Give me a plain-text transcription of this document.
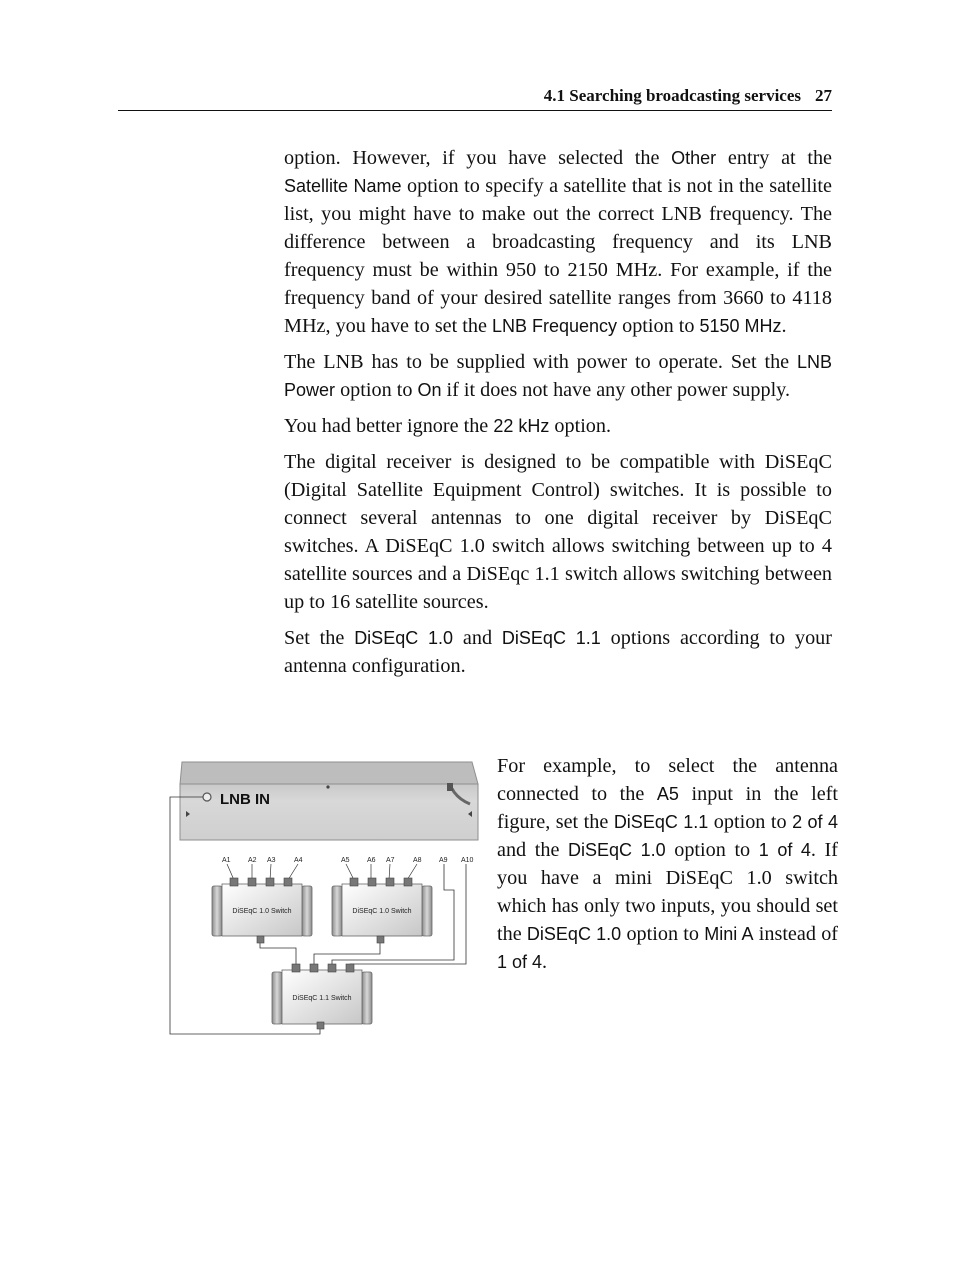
4.1 Searching broadcasting services 27

option. However, if you have selected the Other entry at the Satellite Name option to specify a satellite that is not in the satellite list, you might have to make out the correct LNB frequency. The difference between a broadcasting frequency and its LNB frequency must be within 950 to 2150 MHz. For example, if the frequency band of your desired satellite ranges from 3660 to 4118 MHz, you have to set the LNB Frequency option to 5150 MHz.

The LNB has to be supplied with power to operate. Set the LNB Power option to On if it does not have any other power supply.

You had better ignore the 22 kHz option.

The digital receiver is designed to be compatible with DiSEqC (Digital Satellite Equipment Control) switches. It is possible to connect several antennas to one digital receiver by DiSEqC switches. A DiSEqC 1.0 switch allows switching between up to 4 satellite sources and a DiSEqc 1.1 switch allows switching between up to 16 satellite sources.

Set the DiSEqC 1.0 and DiSEqC 1.1 options according to your antenna configuration.

For example, to select the antenna connected to the A5 input in the left figure, set the DiSEqC 1.1 option to 2 of 4 and the DiSEqC 1.0 option to 1 of 4. If you have a mini DiSEqC 1.0 switch which has only two inputs, you should set the DiSEqC 1.0 option to Mini A instead of 1 of 4.

LNB IN
A1 A2 A3	A4	A5 A6 A7	A8 A9 A10
DiSEqC 1.0 Switch	DiSEqC 1.0 Switch
DiSEqC 1.1 Switch
